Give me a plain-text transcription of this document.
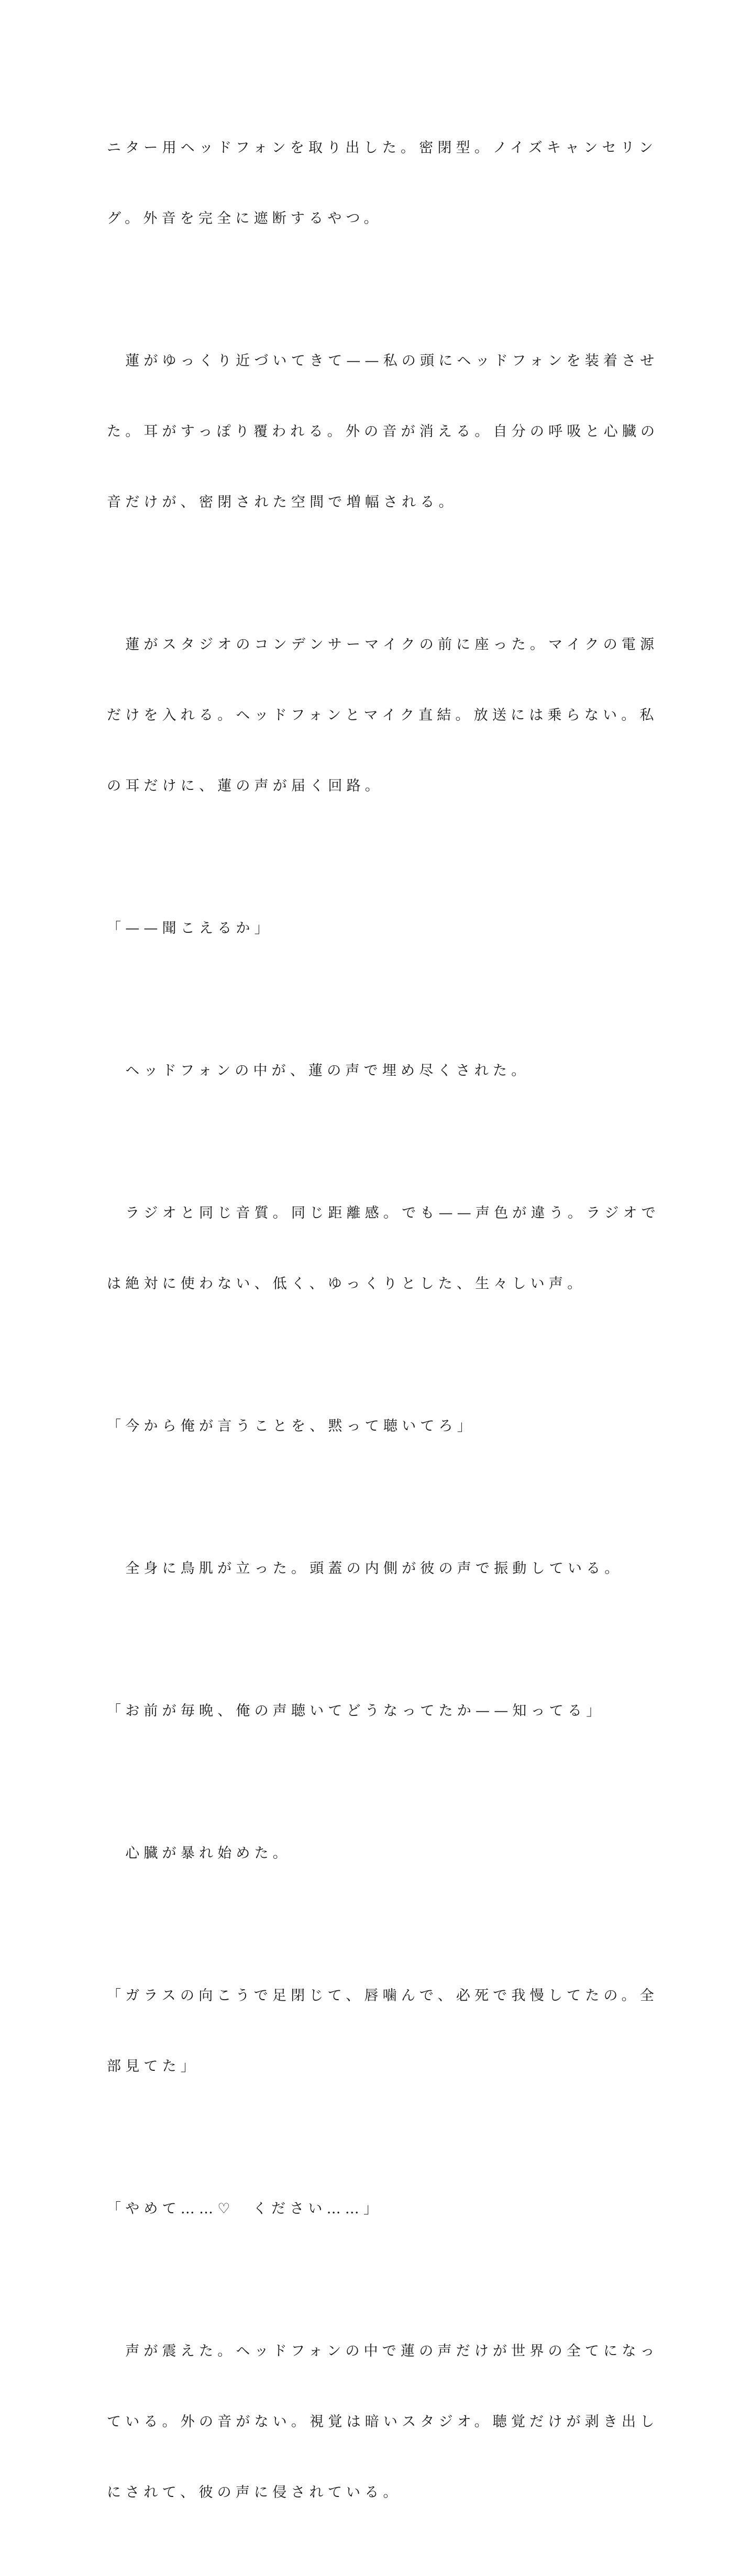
ニター用ヘッドフォンを取り出した。密閉型。ノイズキャンセリン

グ。外音を完全に遮断するやつ。

　蓮がゆっくり近づいてきて——私の頭にヘッドフォンを装着させ

た。耳がすっぽり覆われる。外の音が消える。自分の呼吸と心臓の

音だけが、密閉された空間で増幅される。

　蓮がスタジオのコンデンサーマイクの前に座った。マイクの電源

だけを入れる。ヘッドフォンとマイク直結。放送には乗らない。私

の耳だけに、蓮の声が届く回路。

「——聞こえるか」

　ヘッドフォンの中が、蓮の声で埋め尽くされた。

　ラジオと同じ音質。同じ距離感。でも——声色が違う。ラジオで

は絶対に使わない、低く、ゆっくりとした、生々しい声。

「今から俺が言うことを、黙って聴いてろ」

　全身に鳥肌が立った。頭蓋の内側が彼の声で振動している。

「お前が毎晩、俺の声聴いてどうなってたか——知ってる」

　心臓が暴れ始めた。

「ガラスの向こうで足閉じて、唇噛んで、必死で我慢してたの。全

部見てた」

「やめて……♡　ください……」

　声が震えた。ヘッドフォンの中で蓮の声だけが世界の全てになっ

ている。外の音がない。視覚は暗いスタジオ。聴覚だけが剥き出し

にされて、彼の声に侵されている。
